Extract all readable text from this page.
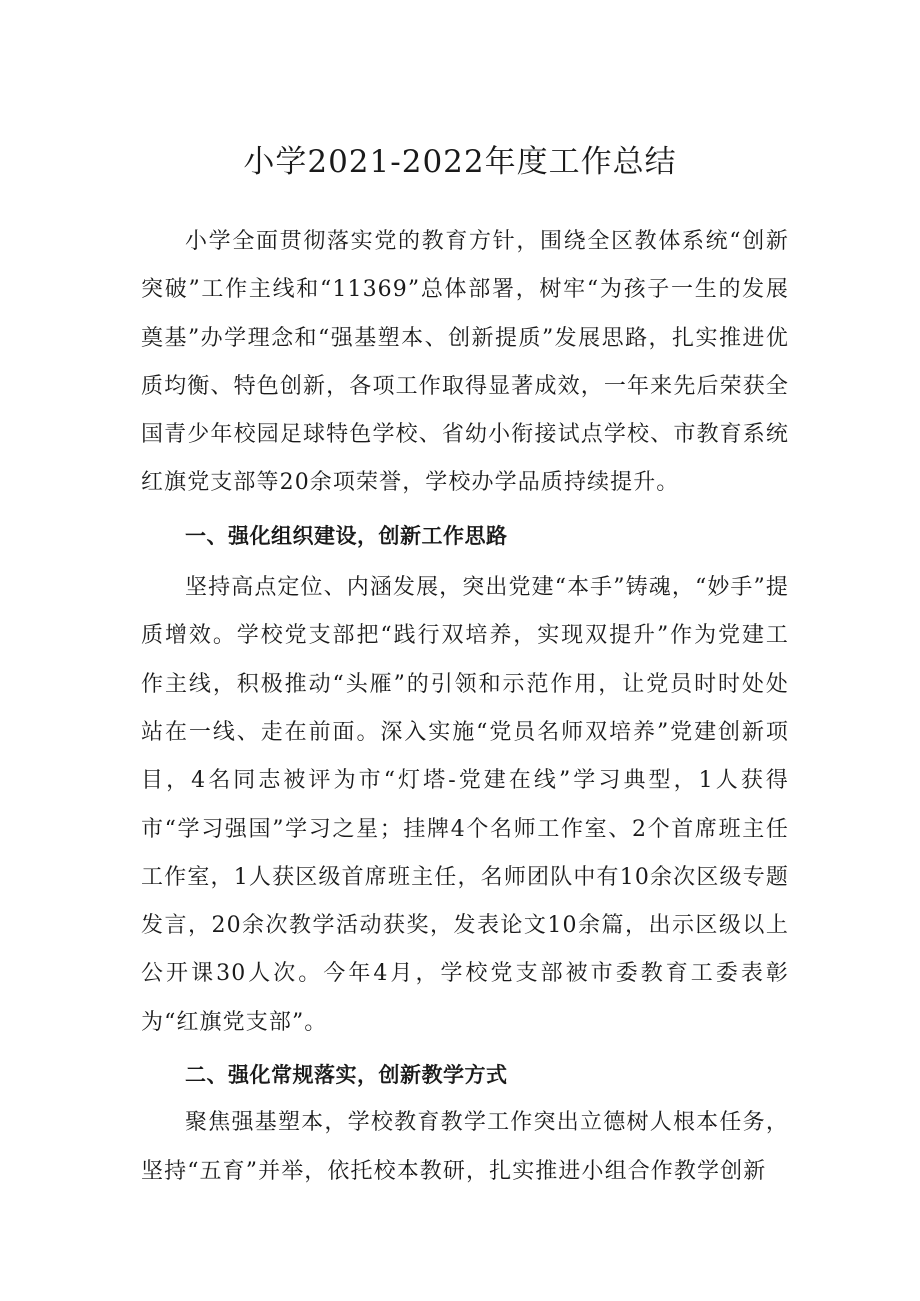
小学2021-2022年度工作总结

小学全面贯彻落实党的教育方针，围绕全区教体系统“创新突破”工作主线和“11369”总体部署，树牢“为孩子一生的发展奠基”办学理念和“强基塑本、创新提质”发展思路，扎实推进优质均衡、特色创新，各项工作取得显著成效，一年来先后荣获全国青少年校园足球特色学校、省幼小衔接试点学校、市教育系统红旗党支部等20余项荣誉，学校办学品质持续提升。

一、强化组织建设，创新工作思路

坚持高点定位、内涵发展，突出党建“本手”铸魂，“妙手”提质增效。学校党支部把“践行双培养，实现双提升”作为党建工作主线，积极推动“头雁”的引领和示范作用，让党员时时处处站在一线、走在前面。深入实施“党员名师双培养”党建创新项目，4名同志被评为市“灯塔-党建在线”学习典型，1人获得市“学习强国”学习之星；挂牌4个名师工作室、2个首席班主任工作室，1人获区级首席班主任，名师团队中有10余次区级专题发言，20余次教学活动获奖，发表论文10余篇，出示区级以上公开课30人次。今年4月，学校党支部被市委教育工委表彰为“红旗党支部”。

二、强化常规落实，创新教学方式

聚焦强基塑本，学校教育教学工作突出立德树人根本任务，坚持“五育”并举，依托校本教研，扎实推进小组合作教学创新
